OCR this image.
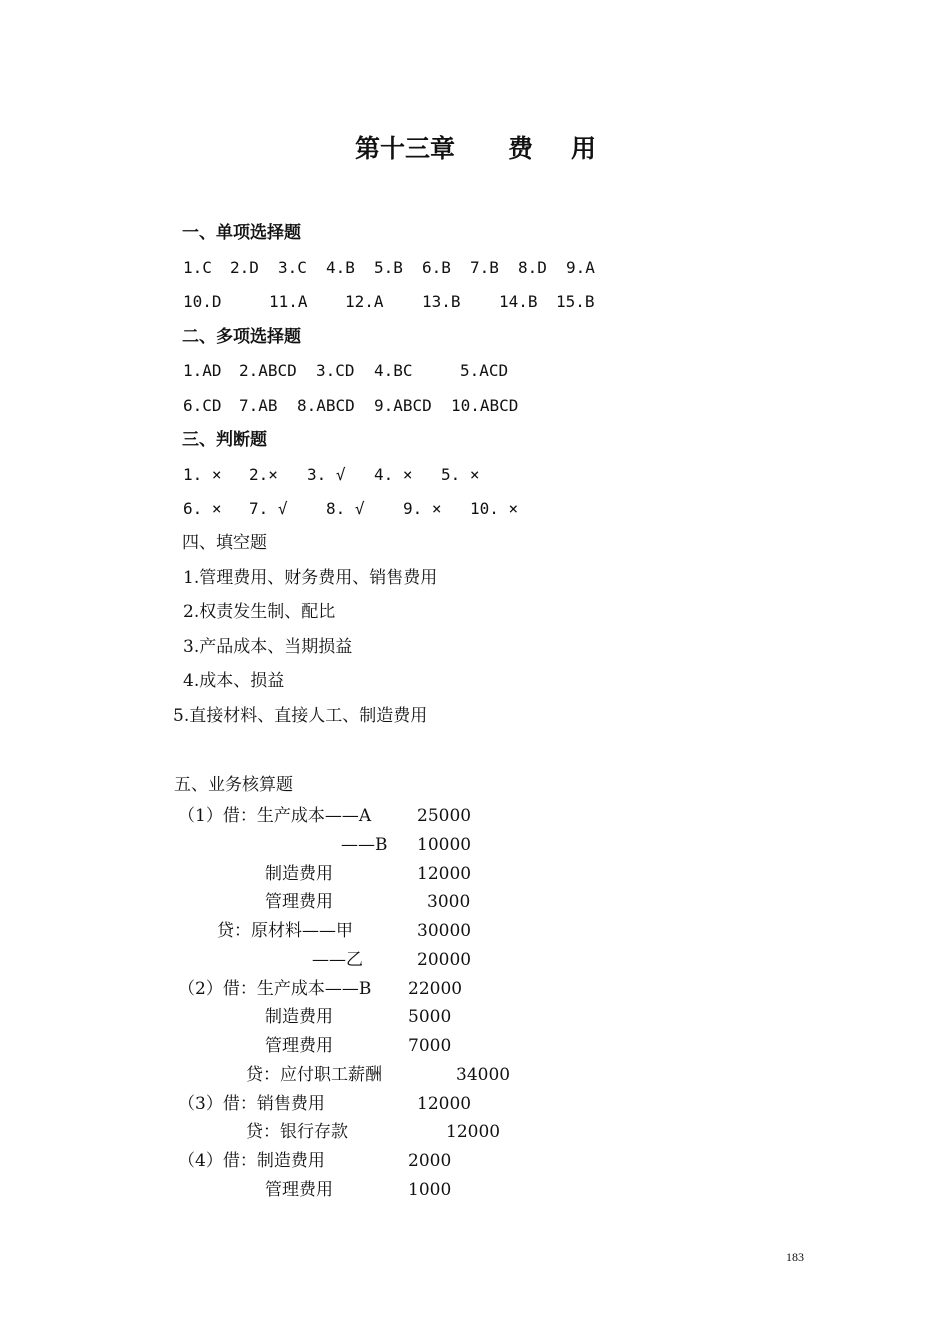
第十三章 费 用
一、单项选择题
1.C 2.D 3.C 4.B 5.B 6.B 7.B 8.D 9.A
10.D	11.A 12.A 13.B 14.B 15.B
二、多项选择题
1.AD 2.ABCD 3.CD 4.BC	5.ACD
6.CD 7.AB 8.ABCD 9.ABCD 10.ABCD
三、判断题
1. × 2.× 3. √ 4. × 5. ×
6. × 7. √ 8. √ 9. × 10. ×
四、填空题
1.管理费用、财务费用、销售费用
2.权责发生制、配比
3.产品成本、当期损益
4.成本、损益
5.直接材料、直接人工、制造费用
五、业务核算题
（1）借：生产成本——A	25000
——B 10000
制造费用	12000
管理费用	3000
贷：原材料——甲	30000
——乙	20000
（2）借：生产成本——B 22000
制造费用	5000
管理费用	7000
贷：应付职工薪酬	34000
（3）借：销售费用	12000
贷：银行存款	12000
（4）借：制造费用	2000
管理费用	1000
183
